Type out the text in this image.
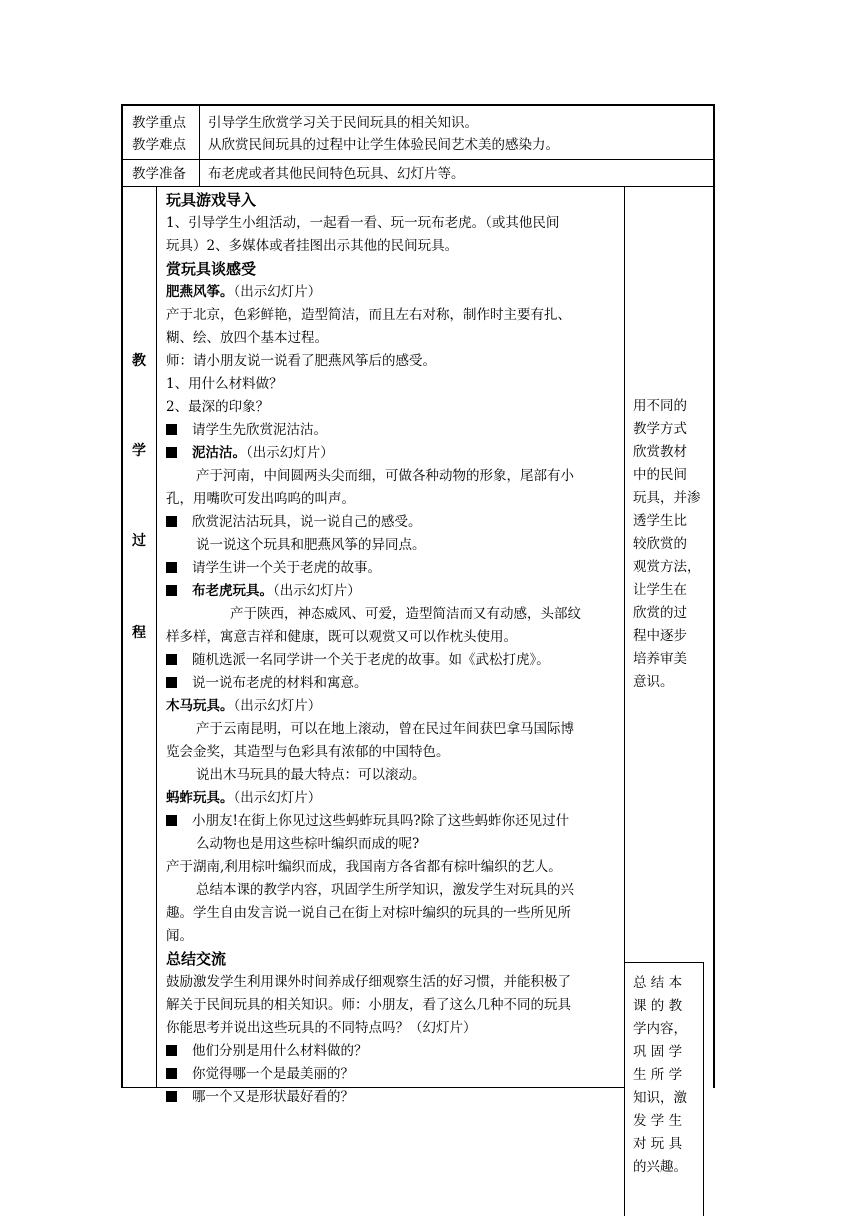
教学重点 引导学生欣赏学习关于民间玩具的相关知识。
教学难点 从欣赏民间玩具的过程中让学生体验民间艺术美的感染力。
教学准备 布老虎或者其他民间特色玩具、幻灯片等。
教
学
过
程
玩具游戏导入
1、引导学生小组活动，一起看一看、玩一玩布老虎。（或其他民间
玩具）2、多媒体或者挂图出示其他的民间玩具。
赏玩具谈感受
肥燕风筝。（出示幻灯片）
产于北京，色彩鲜艳，造型简洁，而且左右对称，制作时主要有扎、
糊、绘、放四个基本过程。
师：请小朋友说一说看了肥燕风筝后的感受。
1、用什么材料做？
2、最深的印象？
请学生先欣赏泥沽沽。
泥沽沽。（出示幻灯片）
产于河南，中间圆两头尖而细，可做各种动物的形象，尾部有小
孔，用嘴吹可发出呜呜的叫声。
欣赏泥沽沽玩具，说一说自己的感受。
说一说这个玩具和肥燕风筝的异同点。
请学生讲一个关于老虎的故事。
布老虎玩具。（出示幻灯片）
产于陕西，神态威风、可爱，造型简洁而又有动感，头部纹
样多样，寓意吉祥和健康，既可以观赏又可以作枕头使用。
随机选派一名同学讲一个关于老虎的故事。如《武松打虎》。
说一说布老虎的材料和寓意。
木马玩具。（出示幻灯片）
产于云南昆明，可以在地上滚动，曾在民过年间获巴拿马国际博
览会金奖，其造型与色彩具有浓郁的中国特色。
说出木马玩具的最大特点：可以滚动。
蚂蚱玩具。（出示幻灯片）
小朋友!在街上你见过这些蚂蚱玩具吗?除了这些蚂蚱你还见过什
么动物也是用这些棕叶编织而成的呢?
产于湖南,利用棕叶编织而成，我国南方各省都有棕叶编织的艺人。
总结本课的教学内容，巩固学生所学知识，激发学生对玩具的兴
趣。学生自由发言说一说自己在街上对棕叶编织的玩具的一些所见所
闻。
总结交流
鼓励激发学生利用课外时间养成仔细观察生活的好习惯，并能积极了
解关于民间玩具的相关知识。师：小朋友，看了这么几种不同的玩具
你能思考并说出这些玩具的不同特点吗？（幻灯片）
他们分别是用什么材料做的？
你觉得哪一个是最美丽的？
哪一个又是形状最好看的？
用不同的
教学方式
欣赏教材
中的民间
玩具，并渗
透学生比
较欣赏的
观赏方法，
让学生在
欣赏的过
程中逐步
培养审美
意识。
总 结 本
课 的 教
学内容，
巩 固 学
生 所 学
知识，激
发 学 生
对 玩 具
的兴趣。
